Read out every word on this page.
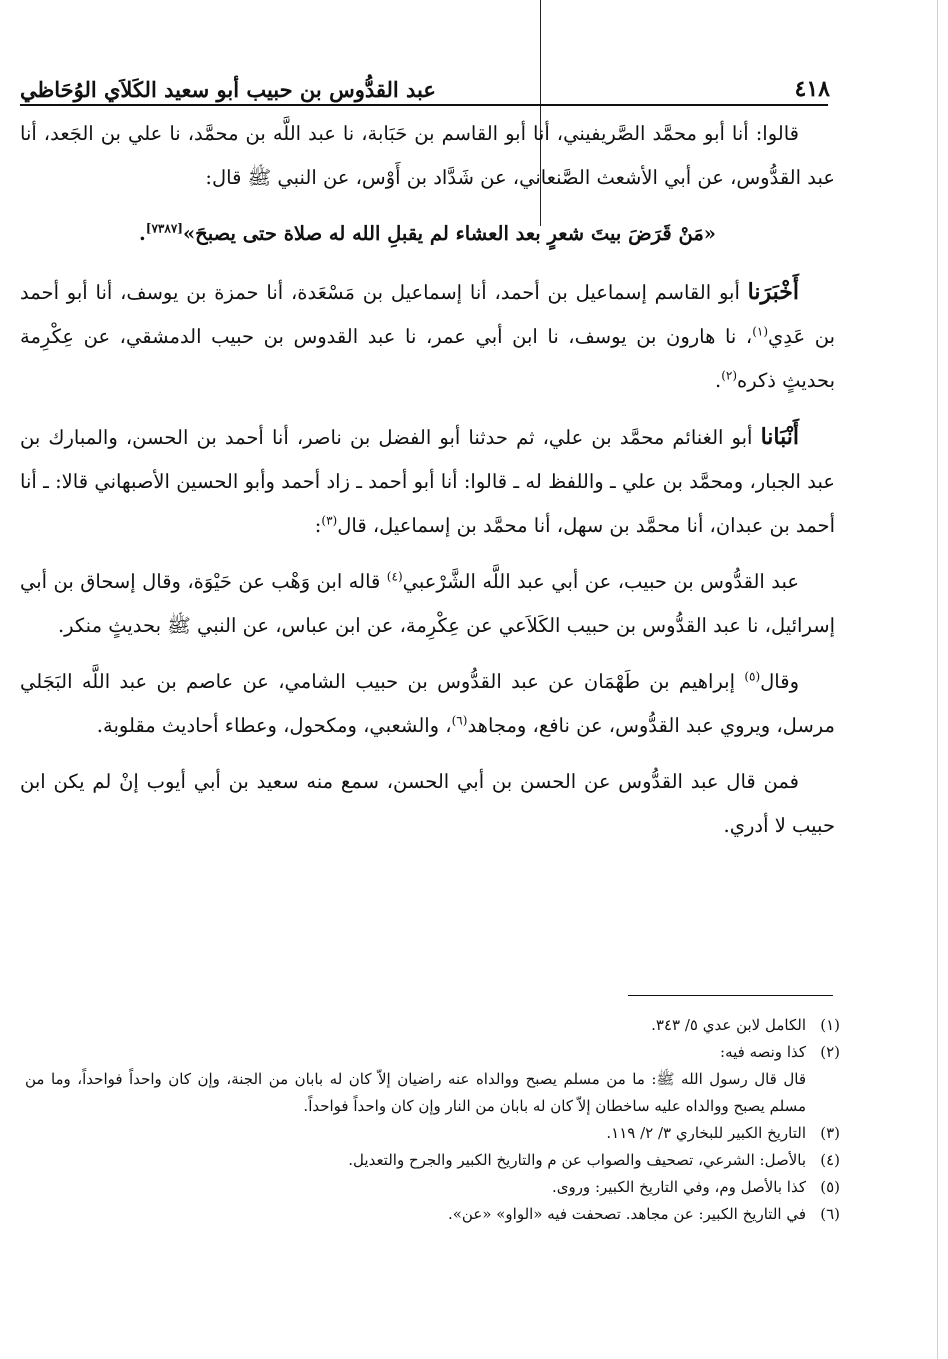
٤١٨
عبد القدُّوس بن حبيب أبو سعيد الكَلاَي الوُحَاظي

قالوا: أنا أبو محمَّد الصَّريفيني، أنا أبو القاسم بن حَبَابة، نا عبد اللَّه بن محمَّد، نا علي بن الجَعد، أنا عبد القدُّوس، عن أبي الأشعث الصَّنعاني، عن شَدَّاد بن أَوْس، عن النبي ﷺ قال:

«مَنْ قَرَضَ بيتَ شعرٍ بعد العشاء لم يقبلِ الله له صلاة حتى يصبحَ»[٧٣٨٧].

أَخْبَرَنا أبو القاسم إسماعيل بن أحمد، أنا إسماعيل بن مَسْعَدة، أنا حمزة بن يوسف، أنا أبو أحمد بن عَدِي$^{(١)}$، نا هارون بن يوسف، نا ابن أبي عمر، نا عبد القدوس بن حبيب الدمشقي، عن عِكْرِمة بحديثٍ ذكره$^{(٢)}$.

أَنْبَانا أبو الغنائم محمَّد بن علي، ثم حدثنا أبو الفضل بن ناصر، أنا أحمد بن الحسن، والمبارك بن عبد الجبار، ومحمَّد بن علي ـ واللفظ له ـ قالوا: أنا أبو أحمد ـ زاد أحمد وأبو الحسين الأصبهاني قالا: ـ أنا أحمد بن عبدان، أنا محمَّد بن سهل، أنا محمَّد بن إسماعيل، قال$^{(٣)}$:

عبد القدُّوس بن حبيب، عن أبي عبد اللَّه الشَّرْعبي$^{(٤)}$ قاله ابن وَهْب عن حَيْوَة، وقال إسحاق بن أبي إسرائيل، نا عبد القدُّوس بن حبيب الكَلاَعي عن عِكْرِمة، عن ابن عباس، عن النبي ﷺ بحديثٍ منكر.

وقال$^{(٥)}$ إبراهيم بن طَهْمَان عن عبد القدُّوس بن حبيب الشامي، عن عاصم بن عبد اللَّه البَجَلي مرسل، ويروي عبد القدُّوس، عن نافع، ومجاهد$^{(٦)}$، والشعبي، ومكحول، وعطاء أحاديث مقلوبة.

فمن قال عبد القدُّوس عن الحسن بن أبي الحسن، سمع منه سعيد بن أبي أيوب إنْ لم يكن ابن حبيب لا أدري.

(١)
الكامل لابن عدي ٥/ ٣٤٣.
(٢)
كذا ونصه فيه:
قال قال رسول الله ﷺ: ما من مسلم يصبح ووالداه عنه راضيان إلاّ كان له بابان من الجنة، وإن كان واحداً فواحداً، وما من مسلم يصبح ووالداه عليه ساخطان إلاّ كان له بابان من النار وإن كان واحداً فواحداً.
(٣)
التاريخ الكبير للبخاري ٣/ ٢/ ١١٩.
(٤)
بالأصل: الشرعي، تصحيف والصواب عن م والتاريخ الكبير والجرح والتعديل.
(٥)
كذا بالأصل وم، وفي التاريخ الكبير: وروى.
(٦)
في التاريخ الكبير: عن مجاهد. تصحفت فيه «الواو» «عن».
